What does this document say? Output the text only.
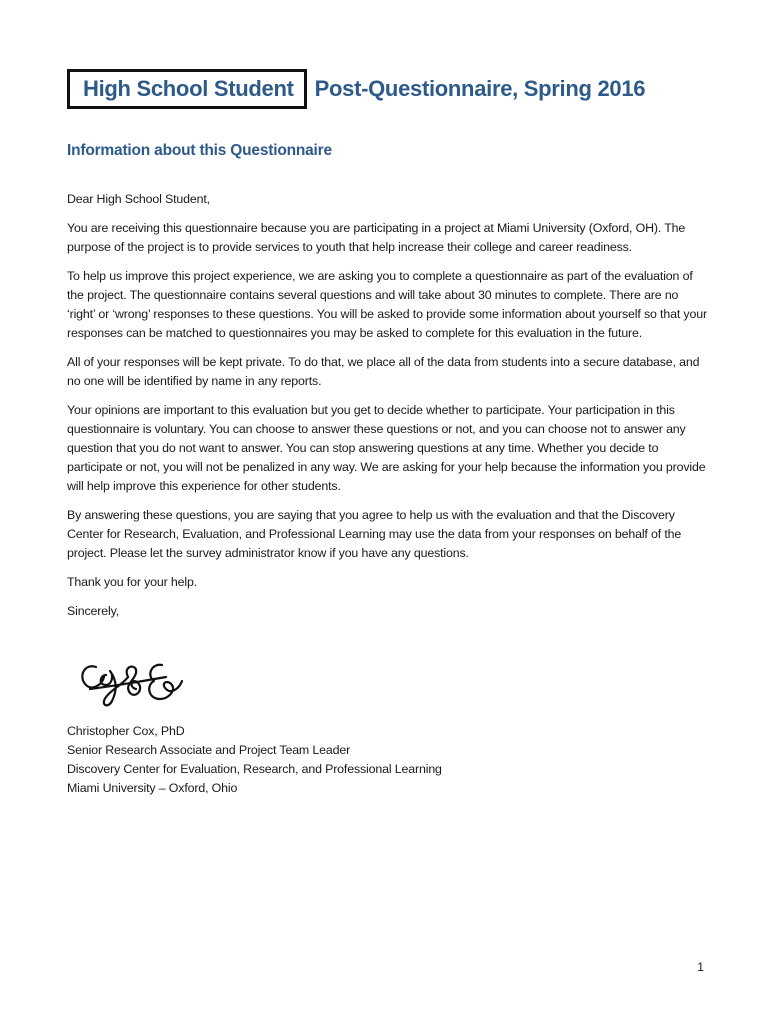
High School Student Post-Questionnaire, Spring 2016
Information about this Questionnaire

Dear High School Student,

You are receiving this questionnaire because you are participating in a project at Miami University (Oxford, OH). The purpose of the project is to provide services to youth that help increase their college and career readiness.

To help us improve this project experience, we are asking you to complete a questionnaire as part of the evaluation of the project. The questionnaire contains several questions and will take about 30 minutes to complete. There are no ‘right’ or ‘wrong’ responses to these questions. You will be asked to provide some information about yourself so that your responses can be matched to questionnaires you may be asked to complete for this evaluation in the future.

All of your responses will be kept private. To do that, we place all of the data from students into a secure database, and no one will be identified by name in any reports.

Your opinions are important to this evaluation but you get to decide whether to participate. Your participation in this questionnaire is voluntary. You can choose to answer these questions or not, and you can choose not to answer any question that you do not want to answer. You can stop answering questions at any time. Whether you decide to participate or not, you will not be penalized in any way. We are asking for your help because the information you provide will help improve this experience for other students.

By answering these questions, you are saying that you agree to help us with the evaluation and that the Discovery Center for Research, Evaluation, and Professional Learning may use the data from your responses on behalf of the project. Please let the survey administrator know if you have any questions.

Thank you for your help.

Sincerely,

Christopher Cox, PhD
Senior Research Associate and Project Team Leader
Discovery Center for Evaluation, Research, and Professional Learning
Miami University – Oxford, Ohio
1
